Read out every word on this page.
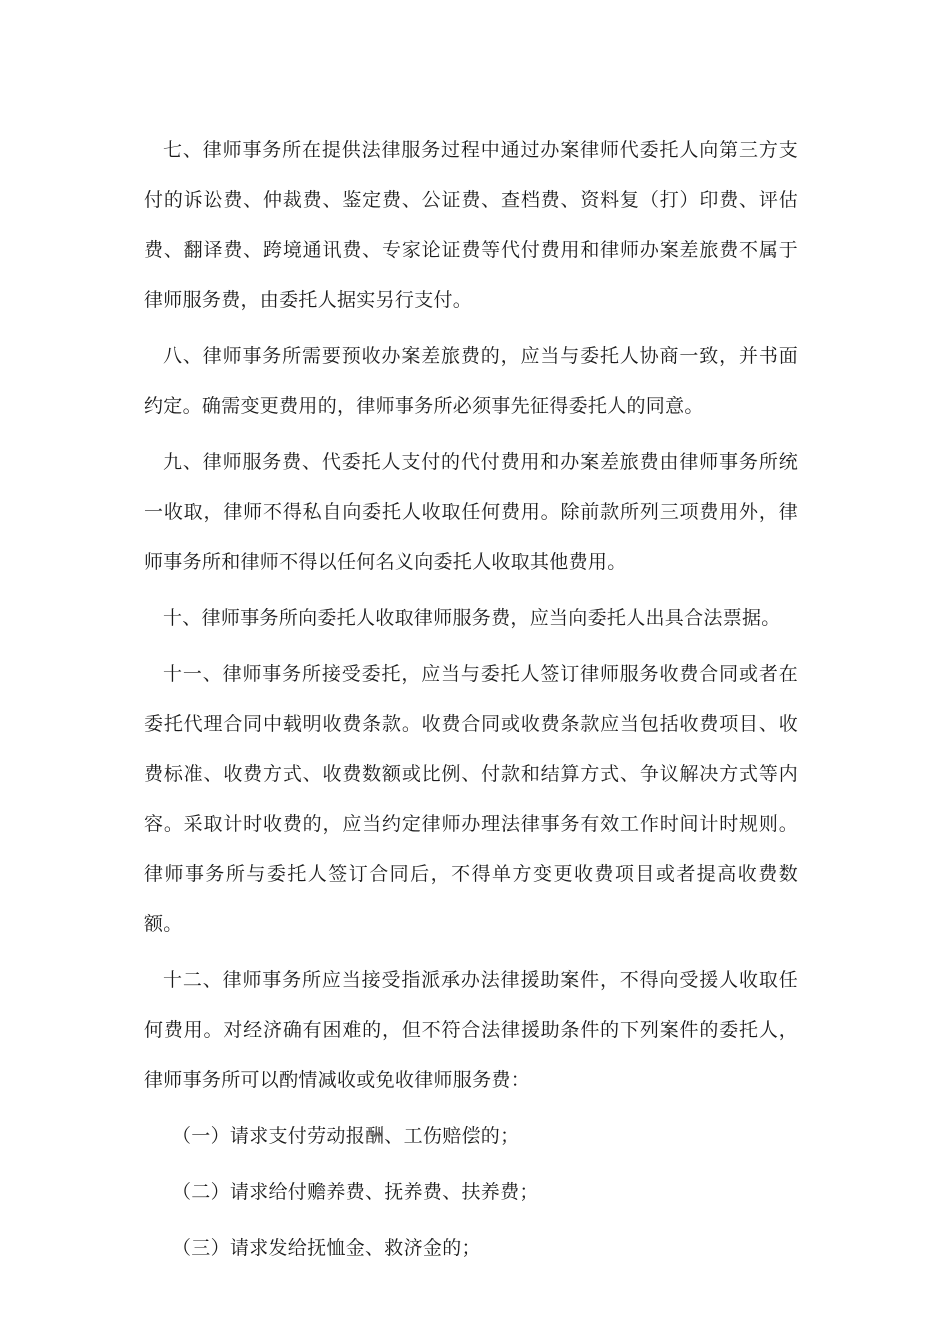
七、律师事务所在提供法律服务过程中通过办案律师代委托人向第三方支付的诉讼费、仲裁费、鉴定费、公证费、查档费、资料复（打）印费、评估费、翻译费、跨境通讯费、专家论证费等代付费用和律师办案差旅费不属于律师服务费，由委托人据实另行支付。

八、律师事务所需要预收办案差旅费的，应当与委托人协商一致，并书面约定。确需变更费用的，律师事务所必须事先征得委托人的同意。

九、律师服务费、代委托人支付的代付费用和办案差旅费由律师事务所统一收取，律师不得私自向委托人收取任何费用。除前款所列三项费用外，律师事务所和律师不得以任何名义向委托人收取其他费用。

十、律师事务所向委托人收取律师服务费，应当向委托人出具合法票据。

十一、律师事务所接受委托，应当与委托人签订律师服务收费合同或者在委托代理合同中载明收费条款。收费合同或收费条款应当包括收费项目、收费标准、收费方式、收费数额或比例、付款和结算方式、争议解决方式等内容。采取计时收费的，应当约定律师办理法律事务有效工作时间计时规则。律师事务所与委托人签订合同后，不得单方变更收费项目或者提高收费数额。

十二、律师事务所应当接受指派承办法律援助案件，不得向受援人收取任何费用。对经济确有困难的，但不符合法律援助条件的下列案件的委托人，律师事务所可以酌情减收或免收律师服务费：

（一）请求支付劳动报酬、工伤赔偿的；

（二）请求给付赡养费、抚养费、扶养费；

（三）请求发给抚恤金、救济金的；
